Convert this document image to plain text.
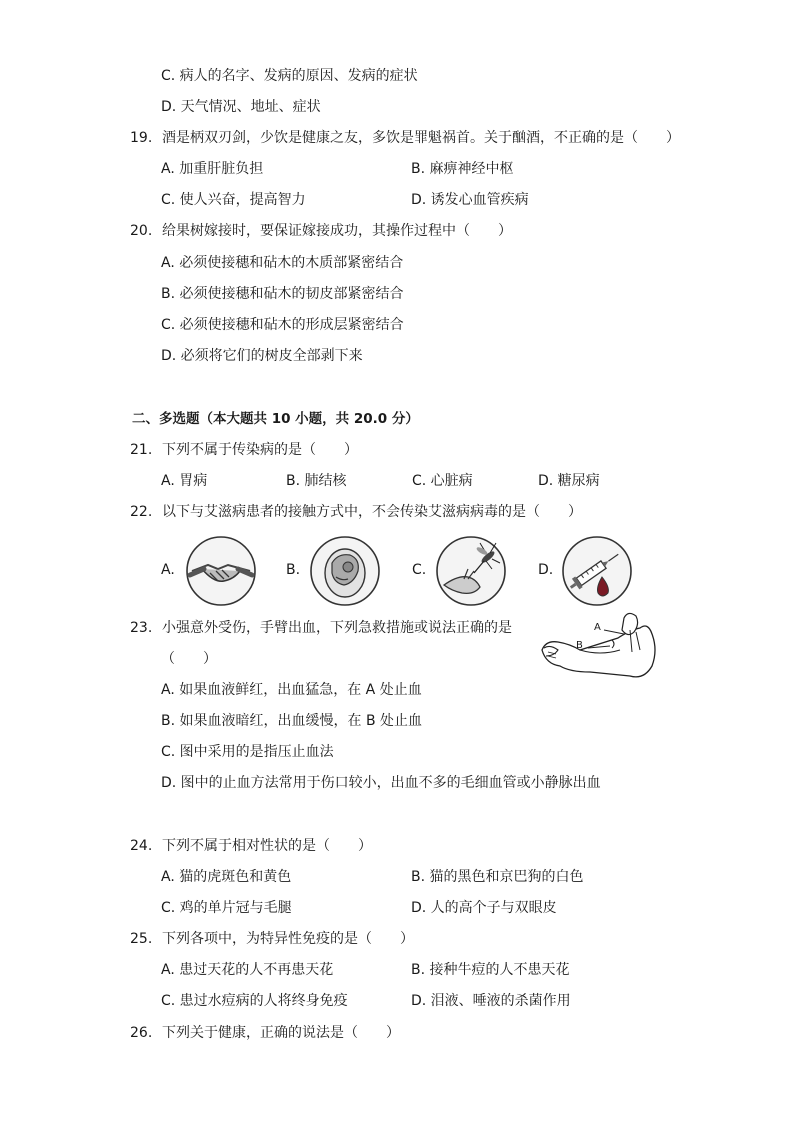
C. 病人的名字、发病的原因、发病的症状
D. 天气情况、地址、症状
19. 酒是柄双刃剑，少饮是健康之友，多饮是罪魁祸首。关于酗酒，不正确的是（　　）
A. 加重肝脏负担	B. 麻痹神经中枢
C. 使人兴奋，提高智力	D. 诱发心血管疾病
20. 给果树嫁接时，要保证嫁接成功，其操作过程中（　　）
A. 必须使接穗和砧木的木质部紧密结合
B. 必须使接穗和砧木的韧皮部紧密结合
C. 必须使接穗和砧木的形成层紧密结合
D. 必须将它们的树皮全部剥下来
二、多选题（本大题共 10 小题，共 20.0 分）
21. 下列不属于传染病的是（　　）
A. 胃病	B. 肺结核	C. 心脏病	D. 糖尿病
22. 以下与艾滋病患者的接触方式中，不会传染艾滋病病毒的是（　　）
A.	B.	C.	D.
23. 小强意外受伤，手臂出血，下列急救措施或说法正确的是
（　　）
A
B
A. 如果血液鲜红，出血猛急，在 A 处止血
B. 如果血液暗红，出血缓慢，在 B 处止血
C. 图中采用的是指压止血法
D. 图中的止血方法常用于伤口较小，出血不多的毛细血管或小静脉出血
24. 下列不属于相对性状的是（　　）
A. 猫的虎斑色和黄色	B. 猫的黑色和京巴狗的白色
C. 鸡的单片冠与毛腿	D. 人的高个子与双眼皮
25. 下列各项中，为特异性免疫的是（　　）
A. 患过天花的人不再患天花	B. 接种牛痘的人不患天花
C. 患过水痘病的人将终身免疫	D. 泪液、唾液的杀菌作用
26. 下列关于健康，正确的说法是（　　）
